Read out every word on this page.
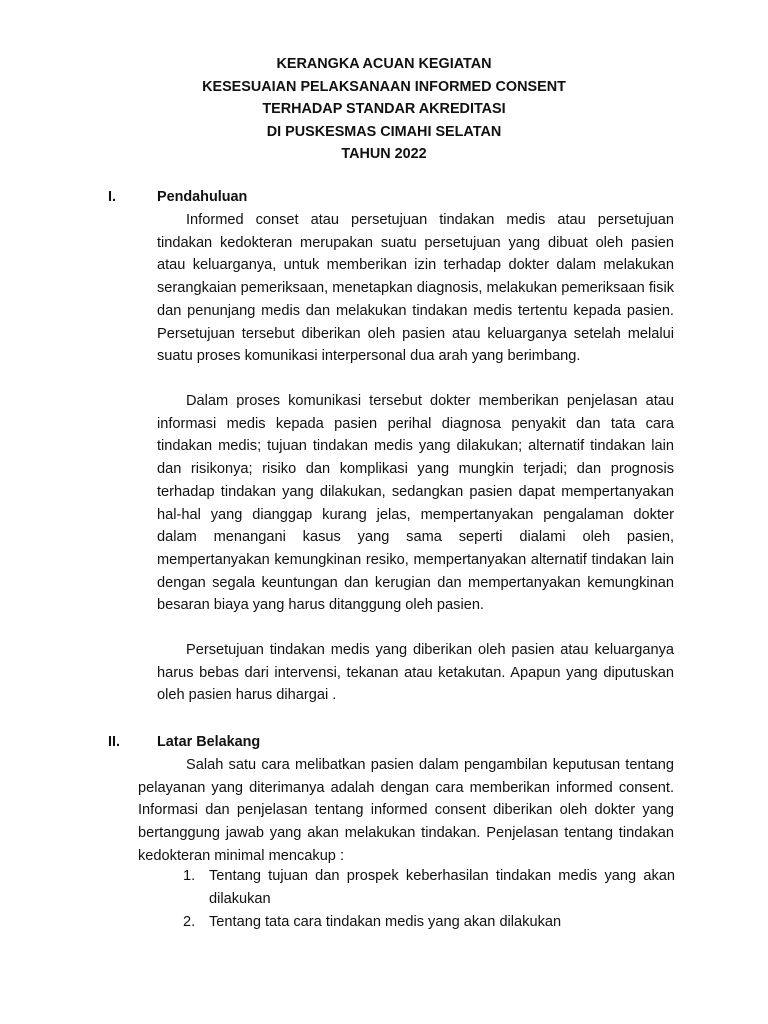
KERANGKA ACUAN KEGIATAN
KESESUAIAN PELAKSANAAN INFORMED CONSENT
TERHADAP STANDAR AKREDITASI
DI PUSKESMAS CIMAHI SELATAN
TAHUN 2022
I.	Pendahuluan

Informed conset atau persetujuan tindakan medis atau persetujuan tindakan kedokteran merupakan suatu persetujuan yang dibuat oleh pasien atau keluarganya, untuk memberikan izin terhadap dokter dalam melakukan serangkaian pemeriksaan, menetapkan diagnosis, melakukan pemeriksaan fisik dan penunjang medis dan melakukan tindakan medis tertentu kepada pasien. Persetujuan tersebut diberikan oleh pasien atau keluarganya setelah melalui suatu proses komunikasi interpersonal dua arah yang berimbang.

Dalam proses komunikasi tersebut dokter memberikan penjelasan atau informasi medis kepada pasien perihal diagnosa penyakit dan tata cara tindakan medis; tujuan tindakan medis yang dilakukan; alternatif tindakan lain dan risikonya; risiko dan komplikasi yang mungkin terjadi; dan prognosis terhadap tindakan yang dilakukan, sedangkan pasien dapat mempertanyakan hal-hal yang dianggap kurang jelas, mempertanyakan pengalaman dokter dalam menangani kasus yang sama seperti dialami oleh pasien, mempertanyakan kemungkinan resiko, mempertanyakan alternatif tindakan lain dengan segala keuntungan dan kerugian dan mempertanyakan kemungkinan besaran biaya yang harus ditanggung oleh pasien.

Persetujuan tindakan medis yang diberikan oleh pasien atau keluarganya harus bebas dari intervensi, tekanan atau ketakutan. Apapun yang diputuskan oleh pasien harus dihargai .

II.	Latar Belakang

Salah satu cara melibatkan pasien dalam pengambilan keputusan tentang pelayanan yang diterimanya adalah dengan cara memberikan informed consent. Informasi dan penjelasan tentang informed consent diberikan oleh dokter yang bertanggung jawab yang akan melakukan tindakan. Penjelasan tentang tindakan kedokteran minimal mencakup :

1. Tentang tujuan dan prospek keberhasilan tindakan medis yang akan dilakukan
2. Tentang tata cara tindakan medis yang akan dilakukan
